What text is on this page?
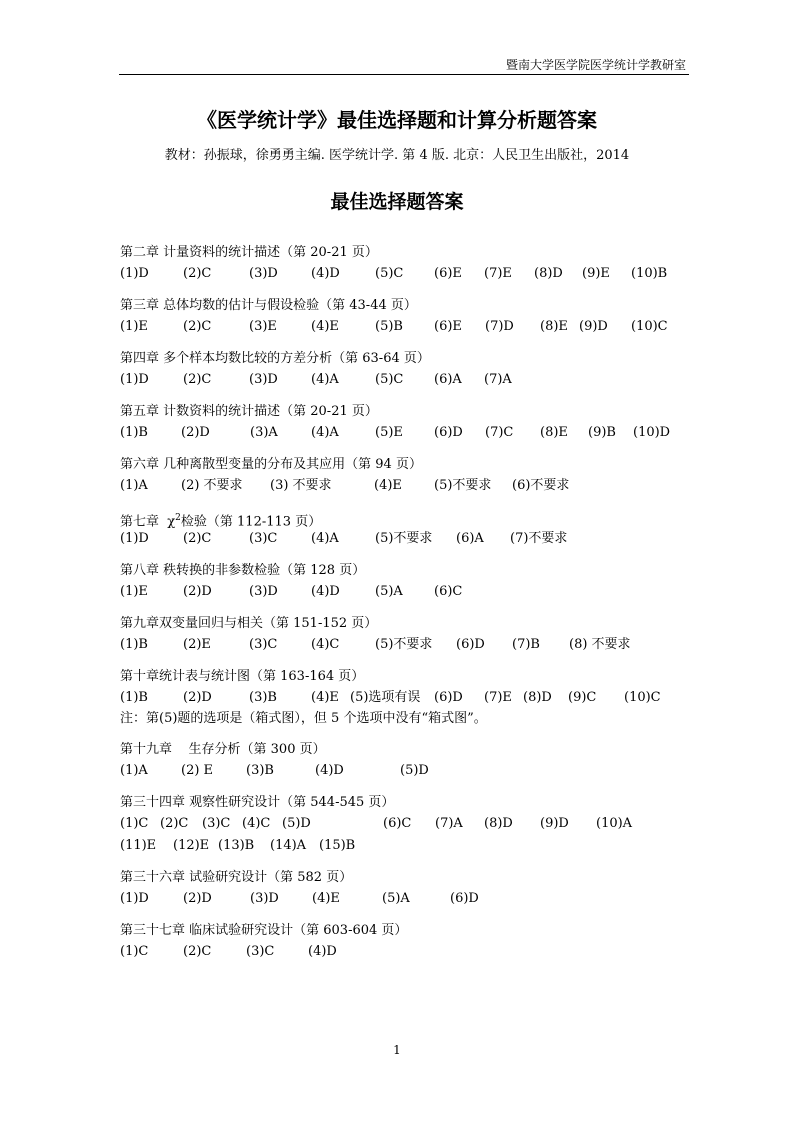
暨南大学医学院医学统计学教研室
《医学统计学》最佳选择题和计算分析题答案
教材：孙振球，徐勇勇主编. 医学统计学. 第 4 版. 北京：人民卫生出版社，2014
最佳选择题答案
第二章 计量资料的统计描述（第 20-21 页）
(1)D	(2)C	(3)D	(4)D	(5)C (6)E (7)E (8)D (9)E (10)B
第三章 总体均数的估计与假设检验（第 43-44 页）
(1)E	(2)C	(3)E	(4)E	(5)B (6)E (7)D (8)E (9)D (10)C
第四章 多个样本均数比较的方差分析（第 63-64 页）
(1)D	(2)C	(3)D	(4)A	(5)C (6)A (7)A
第五章 计数资料的统计描述（第 20-21 页）
(1)B	(2)D	(3)A	(4)A	(5)E (6)D (7)C (8)E (9)B (10)D
第六章 几种离散型变量的分布及其应用（第 94 页）
(1)A	(2) 不要求 (3) 不要求	(4)E (5)不要求 (6)不要求
第七章 $\chi^2$检验（第 112-113 页）
(1)D	(2)C	(3)C	(4)A	(5)不要求 (6)A (7)不要求
第八章 秩转换的非参数检验（第 128 页）
(1)E	(2)D	(3)D	(4)D	(5)A (6)C
第九章双变量回归与相关（第 151-152 页）
(1)B	(2)E	(3)C	(4)C	(5)不要求 (6)D (7)B (8) 不要求
第十章统计表与统计图（第 163-164 页）
(1)B	(2)D	(3)B	(4)E (5)选项有误 (6)D (7)E (8)D (9)C (10)C
注：第(5)题的选项是（箱式图），但 5 个选项中没有“箱式图”。
第十九章    生存分析（第 300 页）
(1)A	(2) E	(3)B	(4)D	(5)D
第三十四章 观察性研究设计（第 544-545 页）
(1)C (2)C (3)C (4)C (5)D	(6)C (7)A (8)D (9)D (10)A
(11)E (12)E (13)B (14)A (15)B
第三十六章 试验研究设计（第 582 页）
(1)D	(2)D	(3)D	(4)E	(5)A	(6)D
第三十七章 临床试验研究设计（第 603-604 页）
(1)C	(2)C	(3)C	(4)D
1
